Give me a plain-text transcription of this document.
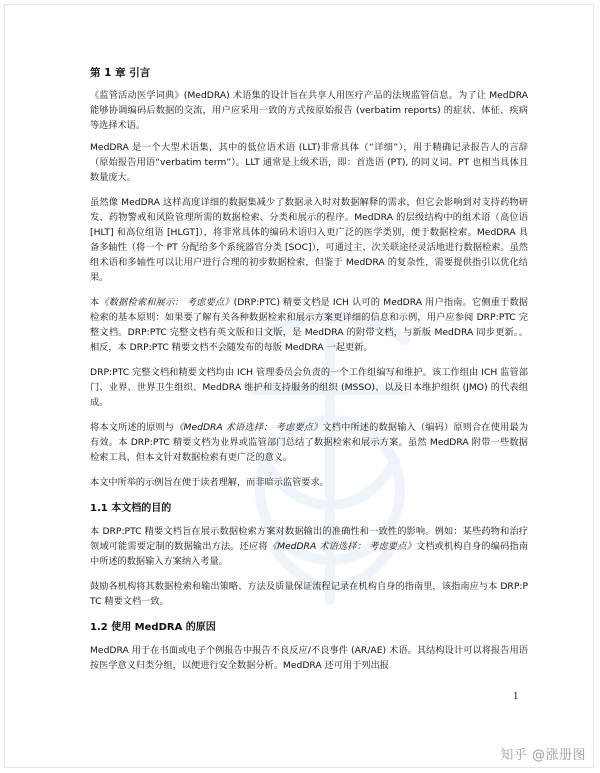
第 1 章 引言

《监管活动医学词典》(MedDRA) 术语集的设计旨在共享人用医疗产品的法规监管信息。为了让 MedDRA 能够协调编码后数据的交流，用户应采用一致的方式按原始报告 (verbatim reports) 的症状、体征、疾病等选择术语。

MedDRA 是一个大型术语集，其中的低位语术语 (LLT)非常具体（“详细”），用于精确记录报告人的言辞（原始报告用语“verbatim term”）。LLT 通常是上级术语，即：首选语 (PT), 的同义词。PT 也相当具体且数量庞大。

虽然像 MedDRA 这样高度详细的数据集减少了数据录入时对数据解释的需求，但它会影响到对支持药物研发、药物警戒和风险管理所需的数据检索、分类和展示的程序。MedDRA 的层级结构中的组术语（高位语 [HLT] 和高位组语 [HLGT]），将非常具体的编码术语归入更广泛的医学类别，便于数据检索。MedDRA 具备多轴性（将一个 PT 分配给多个系统器官分类 [SOC]），可通过主、次关联途径灵活地进行数据检索。虽然组术语和多轴性可以让用户进行合理的初步数据检索，但鉴于 MedDRA 的复杂性，需要提供指引以优化结果。

本《数据检索和展示： 考虑要点》(DRP:PTC) 精要文档是 ICH 认可的 MedDRA 用户指南。它侧重于数据检索的基本原则：如果要了解有关各种数据检索和展示方案更详细的信息和示例，用户应参阅 DRP:PTC 完整文档。DRP:PTC 完整文档有英文版和日文版，是 MedDRA 的附带文档，与新版 MedDRA 同步更新。。相反，本 DRP:PTC 精要文档不会随发布的每版 MedDRA 一起更新。

DRP:PTC 完整文档和精要文档均由 ICH 管理委员会负责的一个工作组编写和维护。该工作组由 ICH 监管部门、业界、世界卫生组织、MedDRA 维护和支持服务的组织 (MSSO)、以及日本维护组织 (JMO) 的代表组成。

将本文所述的原则与《MedDRA 术语选择： 考虑要点》文档中所述的数据输入（编码）原则合在使用最为有效。本 DRP:PTC 精要文档为业界或监管部门总结了数据检索和展示方案。虽然 MedDRA 附带一些数据检索工具，但本文针对数据检索有更广泛的意义。

本文中所举的示例旨在便于读者理解，而非暗示监管要求。

1.1 本文档的目的

本 DRP:PTC 精要文档旨在展示数据检索方案对数据输出的准确性和一致性的影响。例如：某些药物和治疗领域可能需要定制的数据输出方法。还应将《MedDRA 术语选择： 考虑要点》文档或机构自身的编码指南中所述的数据输入方案纳入考量。

鼓励各机构将其数据检索和输出策略、方法及质量保证流程记录在机构自身的指南里，该指南应与本 DRP:PTC 精要文档一致。

1.2 使用 MedDRA 的原因

MedDRA 用于在书面或电子个例报告中报告不良反应/不良事件 (AR/AE) 术语。其结构设计可以将报告用语按医学意义归类分组，以便进行安全数据分析。MedDRA 还可用于列出报

1
知乎 @涨册图
